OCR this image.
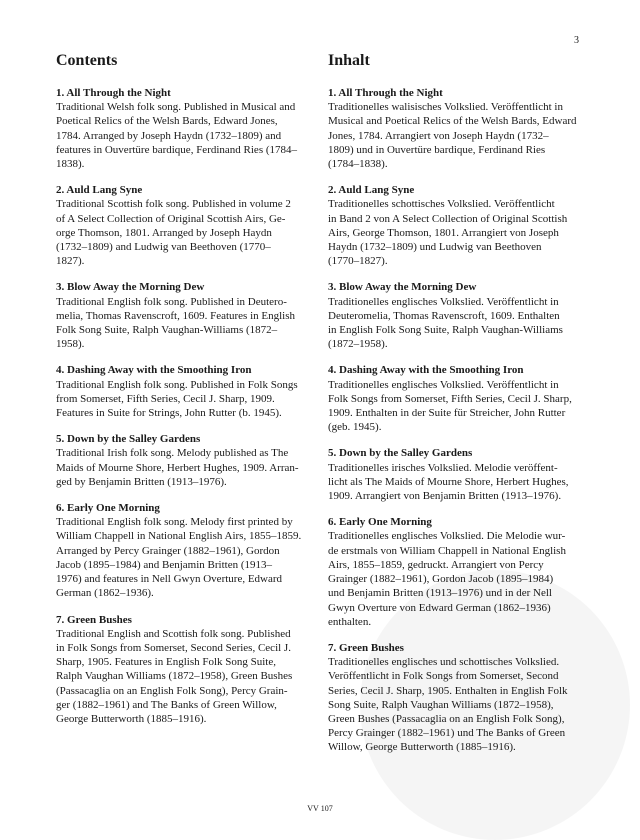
3
Contents
1. All Through the Night
Traditional Welsh folk song. Published in Musical and
Poetical Relics of the Welsh Bards, Edward Jones,
1784. Arranged by Joseph Haydn (1732–1809) and
features in Ouvertüre bardique, Ferdinand Ries (1784–
1838).
2. Auld Lang Syne
Traditional Scottish folk song. Published in volume 2
of A Select Collection of Original Scottish Airs, Ge-
orge Thomson, 1801. Arranged by Joseph Haydn
(1732–1809) and Ludwig van Beethoven (1770–
1827).
3. Blow Away the Morning Dew
Traditional English folk song. Published in Deutero-
melia, Thomas Ravenscroft, 1609. Features in English
Folk Song Suite, Ralph Vaughan-Williams (1872–
1958).
4. Dashing Away with the Smoothing Iron
Traditional English folk song. Published in Folk Songs
from Somerset, Fifth Series, Cecil J. Sharp, 1909.
Features in Suite for Strings, John Rutter (b. 1945).
5. Down by the Salley Gardens
Traditional Irish folk song. Melody published as The
Maids of Mourne Shore, Herbert Hughes, 1909. Arran-
ged by Benjamin Britten (1913–1976).
6. Early One Morning
Traditional English folk song. Melody first printed by
William Chappell in National English Airs, 1855–1859.
Arranged by Percy Grainger (1882–1961), Gordon
Jacob (1895–1984) and Benjamin Britten (1913–
1976) and features in Nell Gwyn Overture, Edward
German (1862–1936).
7. Green Bushes
Traditional English and Scottish folk song. Published
in Folk Songs from Somerset, Second Series, Cecil J.
Sharp, 1905. Features in English Folk Song Suite,
Ralph Vaughan Williams (1872–1958), Green Bushes
(Passacaglia on an English Folk Song), Percy Grain-
ger (1882–1961) and The Banks of Green Willow,
George Butterworth (1885–1916).
Inhalt
1. All Through the Night
Traditionelles walisisches Volkslied. Veröffentlicht in
Musical and Poetical Relics of the Welsh Bards, Edward
Jones, 1784. Arrangiert von Joseph Haydn (1732–
1809) und in Ouvertüre bardique, Ferdinand Ries
(1784–1838).
2. Auld Lang Syne
Traditionelles schottisches Volkslied. Veröffentlicht
in Band 2 von A Select Collection of Original Scottish
Airs, George Thomson, 1801. Arrangiert von Joseph
Haydn (1732–1809) und Ludwig van Beethoven
(1770–1827).
3. Blow Away the Morning Dew
Traditionelles englisches Volkslied. Veröffentlicht in
Deuteromelia, Thomas Ravenscroft, 1609. Enthalten
in English Folk Song Suite, Ralph Vaughan-Williams
(1872–1958).
4. Dashing Away with the Smoothing Iron
Traditionelles englisches Volkslied. Veröffentlicht in
Folk Songs from Somerset, Fifth Series, Cecil J. Sharp,
1909. Enthalten in der Suite für Streicher, John Rutter
(geb. 1945).
5. Down by the Salley Gardens
Traditionelles irisches Volkslied. Melodie veröffent-
licht als The Maids of Mourne Shore, Herbert Hughes,
1909. Arrangiert von Benjamin Britten (1913–1976).
6. Early One Morning
Traditionelles englisches Volkslied. Die Melodie wur-
de erstmals von William Chappell in National English
Airs, 1855–1859, gedruckt. Arrangiert von Percy
Grainger (1882–1961), Gordon Jacob (1895–1984)
und Benjamin Britten (1913–1976) und in der Nell
Gwyn Overture von Edward German (1862–1936)
enthalten.
7. Green Bushes
Traditionelles englisches und schottisches Volkslied.
Veröffentlicht in Folk Songs from Somerset, Second
Series, Cecil J. Sharp, 1905. Enthalten in English Folk
Song Suite, Ralph Vaughan Williams (1872–1958),
Green Bushes (Passacaglia on an English Folk Song),
Percy Grainger (1882–1961) und The Banks of Green
Willow, George Butterworth (1885–1916).
VV 107
